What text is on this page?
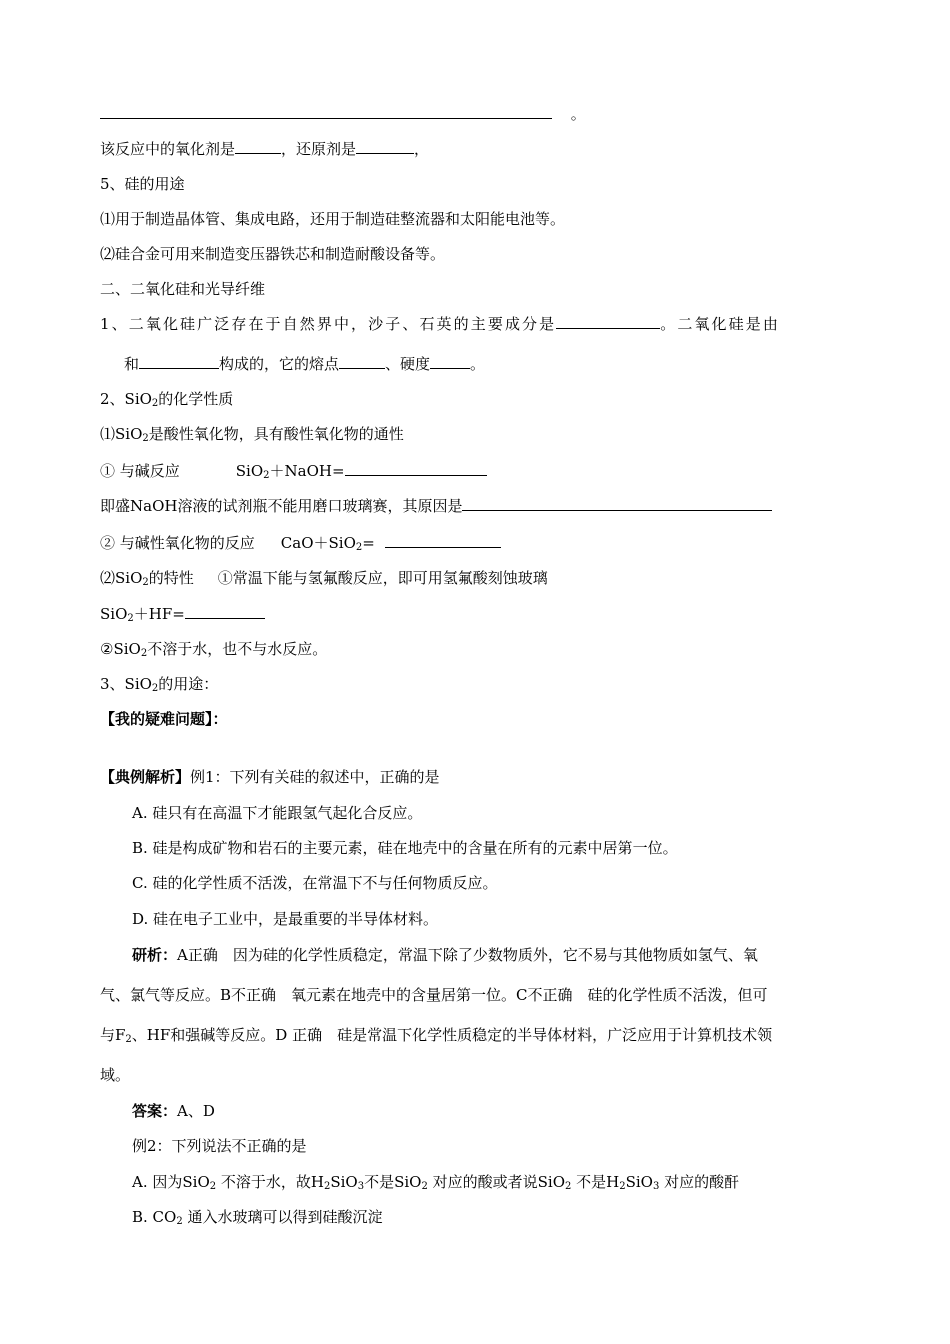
。
该反应中的氧化剂是	，还原剂是	，
5、硅的用途
⑴用于制造晶体管、集成电路，还用于制造硅整流器和太阳能电池等。
⑵硅合金可用来制造变压器铁芯和制造耐酸设备等。
二、二氧化硅和光导纤维
1、二氧化硅广泛存在于自然界中，沙子、石英的主要成分是	。二氧化硅是由
和	构成的，它的熔点	、硬度	。
2、SiO$_2$的化学性质
⑴SiO$_2$是酸性氧化物，具有酸性氧化物的通性
① 与碱反应	SiO$_2$＋NaOH=
即盛NaOH溶液的试剂瓶不能用磨口玻璃赛，其原因是
② 与碱性氧化物的反应 CaO＋SiO$_2$=
⑵SiO$_2$的特性 ①常温下能与氢氟酸反应，即可用氢氟酸刻蚀玻璃
SiO$_2$＋HF=
②SiO$_2$不溶于水，也不与水反应。
3、SiO$_2$的用途：
【我的疑难问题】：
【典例解析】例1：下列有关硅的叙述中，正确的是
A. 硅只有在高温下才能跟氢气起化合反应。
B. 硅是构成矿物和岩石的主要元素，硅在地壳中的含量在所有的元素中居第一位。
C. 硅的化学性质不活泼，在常温下不与任何物质反应。
D. 硅在电子工业中，是最重要的半导体材料。
研析：A正确　因为硅的化学性质稳定，常温下除了少数物质外，它不易与其他物质如氢气、氧
气、氯气等反应。B不正确　氧元素在地壳中的含量居第一位。C不正确　硅的化学性质不活泼，但可
与$F_2$、HF和强碱等反应。D 正确　硅是常温下化学性质稳定的半导体材料，广泛应用于计算机技术领
域。
答案：A、D
例2：下列说法不正确的是
A. 因为SiO$_2$ 不溶于水，故$H_2SiO_3$不是SiO$_2$ 对应的酸或者说SiO$_2$ 不是$H_2SiO_3$ 对应的酸酐
B. $CO_2$ 通入水玻璃可以得到硅酸沉淀
